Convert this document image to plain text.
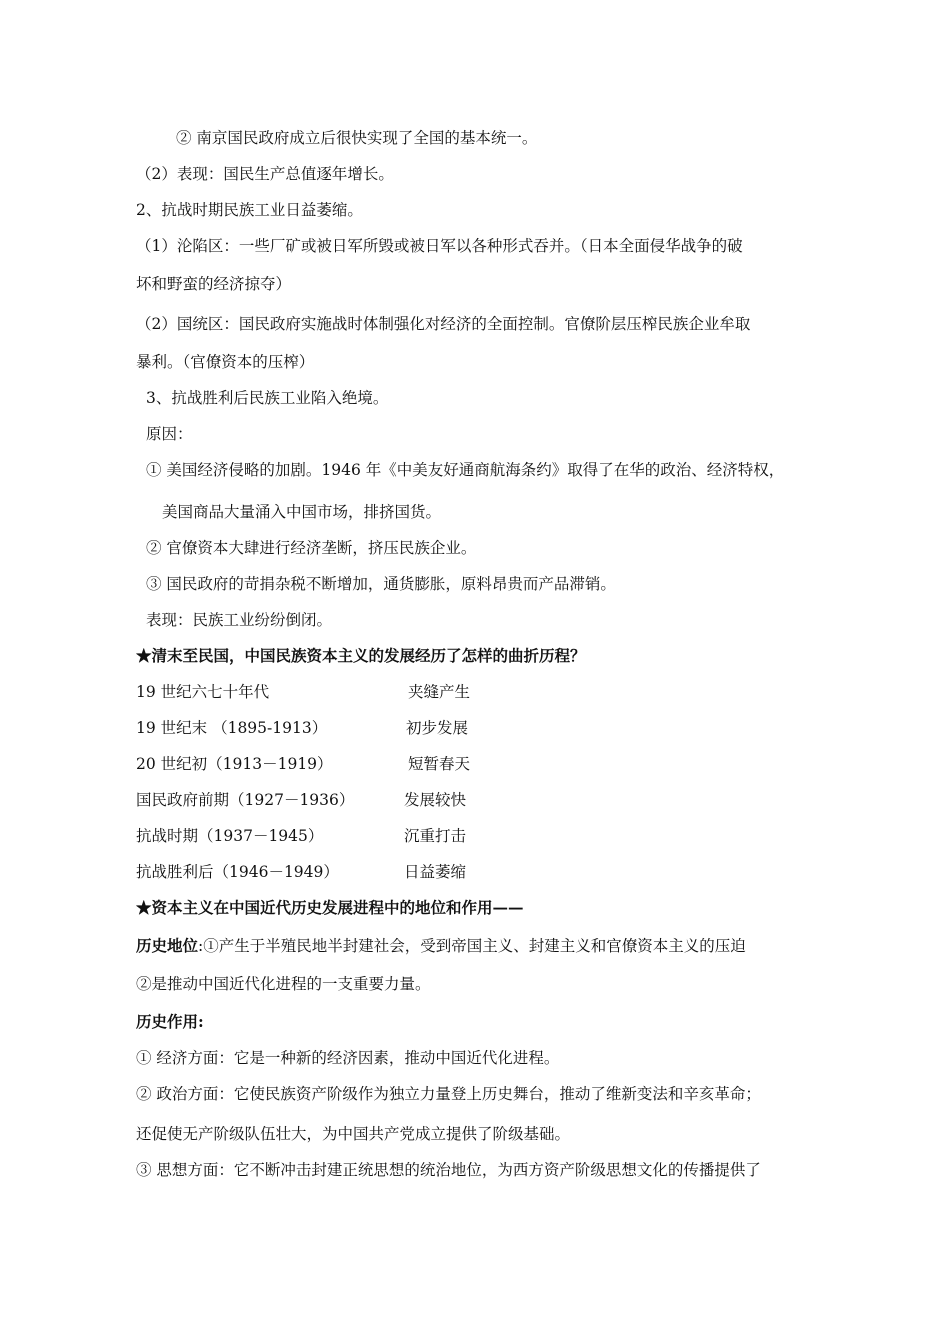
② 南京国民政府成立后很快实现了全国的基本统一。
（2）表现：国民生产总值逐年增长。
2、抗战时期民族工业日益萎缩。
（1）沦陷区：一些厂矿或被日军所毁或被日军以各种形式吞并。（日本全面侵华战争的破
坏和野蛮的经济掠夺）
（2）国统区：国民政府实施战时体制强化对经济的全面控制。官僚阶层压榨民族企业牟取
暴利。（官僚资本的压榨）
3、抗战胜利后民族工业陷入绝境。
原因：
① 美国经济侵略的加剧。1946 年《中美友好通商航海条约》取得了在华的政治、经济特权，
美国商品大量涌入中国市场，排挤国货。
② 官僚资本大肆进行经济垄断，挤压民族企业。
③ 国民政府的苛捐杂税不断增加，通货膨胀，原料昂贵而产品滞销。
表现：民族工业纷纷倒闭。
★清末至民国，中国民族资本主义的发展经历了怎样的曲折历程？
19 世纪六七十年代	夹缝产生
19 世纪末 （1895-1913）	初步发展
20 世纪初（1913－1919）	短暂春天
国民政府前期（1927－1936）	发展较快
抗战时期（1937－1945）	沉重打击
抗战胜利后（1946－1949）	日益萎缩
★资本主义在中国近代历史发展进程中的地位和作用——
历史地位:①产生于半殖民地半封建社会，受到帝国主义、封建主义和官僚资本主义的压迫
②是推动中国近代化进程的一支重要力量。
历史作用:
① 经济方面：它是一种新的经济因素，推动中国近代化进程。
② 政治方面：它使民族资产阶级作为独立力量登上历史舞台，推动了维新变法和辛亥革命；
还促使无产阶级队伍壮大，为中国共产党成立提供了阶级基础。
③ 思想方面：它不断冲击封建正统思想的统治地位，为西方资产阶级思想文化的传播提供了
